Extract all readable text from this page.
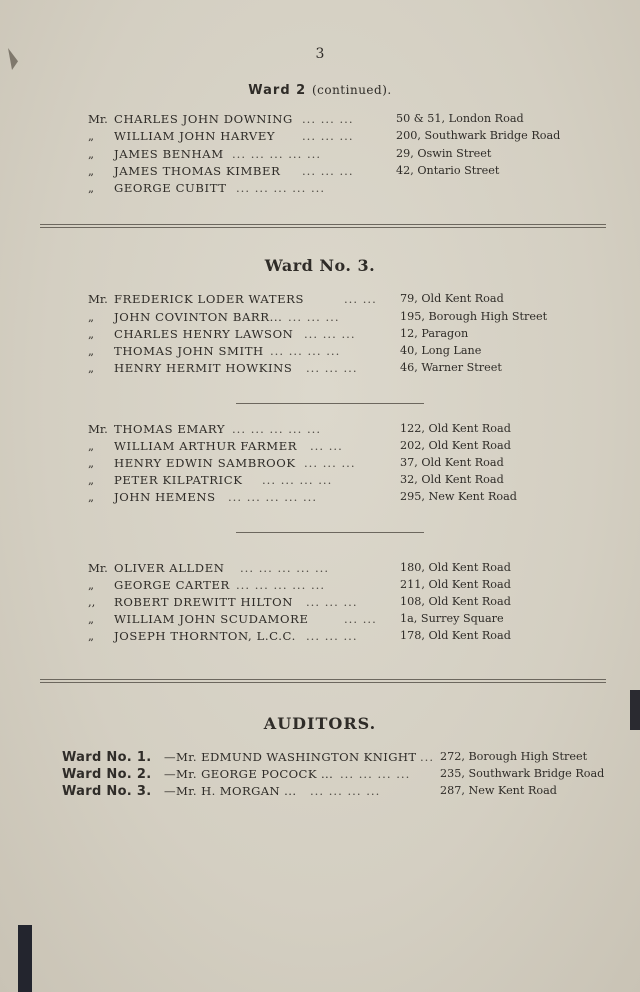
3
Ward 2 (continued).
Mr. CHARLES JOHN DOWNING ... ... ...	50 & 51, London Road
„	WILLIAM JOHN HARVEY ... ... ...	200, Southwark Bridge Road
„	JAMES BENHAM ... ... ... ... ...	29, Oswin Street
„	JAMES THOMAS KIMBER ... ... ...	42, Ontario Street
„	GEORGE CUBITT ... ... ... ... ...
Ward No. 3.
Mr. FREDERICK LODER WATERS	... ... 79, Old Kent Road
„	JOHN COVINTON BARR... ... ... ...	195, Borough High Street
„	CHARLES HENRY LAWSON ... ... ...	12, Paragon
„	THOMAS JOHN SMITH ... ... ... ...	40, Long Lane
„	HENRY HERMIT HOWKINS ... ... ...	46, Warner Street
Mr. THOMAS EMARY ... ... ... ... ...	122, Old Kent Road
„	WILLIAM ARTHUR FARMER ... ...	202, Old Kent Road
„	HENRY EDWIN SAMBROOK ... ... ...	37, Old Kent Road
„	PETER KILPATRICK ... ... ... ...	32, Old Kent Road
„	JOHN HEMENS ... ... ... ... ...	295, New Kent Road
Mr. OLIVER ALLDEN ... ... ... ... ...	180, Old Kent Road
„	GEORGE CARTER ... ... ... ... ...	211, Old Kent Road
,,	ROBERT DREWITT HILTON ... ... ...	108, Old Kent Road
„	WILLIAM JOHN SCUDAMORE	... ... 1a, Surrey Square
„	JOSEPH THORNTON, L.C.C. ... ... ...	178, Old Kent Road
AUDITORS.
Ward No. 1. —Mr. EDMUND WASHINGTON KNIGHT ... 272, Borough High Street
Ward No. 2. —Mr. GEORGE POCOCK ... ... ... ... ...	235, Southwark Bridge Road
Ward No. 3. —Mr. H. MORGAN ... ... ... ... ...	287, New Kent Road
